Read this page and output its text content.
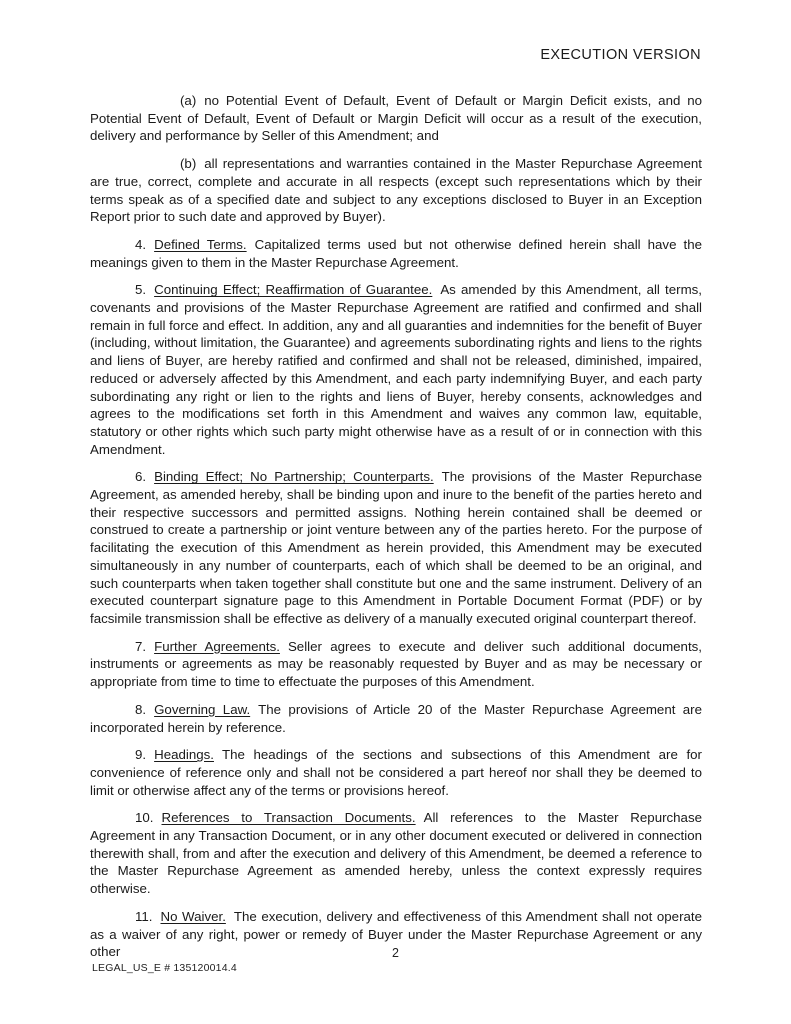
EXECUTION VERSION

(a) no Potential Event of Default, Event of Default or Margin Deficit exists, and no Potential Event of Default, Event of Default or Margin Deficit will occur as a result of the execution, delivery and performance by Seller of this Amendment; and

(b) all representations and warranties contained in the Master Repurchase Agreement are true, correct, complete and accurate in all respects (except such representations which by their terms speak as of a specified date and subject to any exceptions disclosed to Buyer in an Exception Report prior to such date and approved by Buyer).

4. Defined Terms. Capitalized terms used but not otherwise defined herein shall have the meanings given to them in the Master Repurchase Agreement.

5. Continuing Effect; Reaffirmation of Guarantee. As amended by this Amendment, all terms, covenants and provisions of the Master Repurchase Agreement are ratified and confirmed and shall remain in full force and effect. In addition, any and all guaranties and indemnities for the benefit of Buyer (including, without limitation, the Guarantee) and agreements subordinating rights and liens to the rights and liens of Buyer, are hereby ratified and confirmed and shall not be released, diminished, impaired, reduced or adversely affected by this Amendment, and each party indemnifying Buyer, and each party subordinating any right or lien to the rights and liens of Buyer, hereby consents, acknowledges and agrees to the modifications set forth in this Amendment and waives any common law, equitable, statutory or other rights which such party might otherwise have as a result of or in connection with this Amendment.

6. Binding Effect; No Partnership; Counterparts. The provisions of the Master Repurchase Agreement, as amended hereby, shall be binding upon and inure to the benefit of the parties hereto and their respective successors and permitted assigns. Nothing herein contained shall be deemed or construed to create a partnership or joint venture between any of the parties hereto. For the purpose of facilitating the execution of this Amendment as herein provided, this Amendment may be executed simultaneously in any number of counterparts, each of which shall be deemed to be an original, and such counterparts when taken together shall constitute but one and the same instrument. Delivery of an executed counterpart signature page to this Amendment in Portable Document Format (PDF) or by facsimile transmission shall be effective as delivery of a manually executed original counterpart thereof.

7. Further Agreements. Seller agrees to execute and deliver such additional documents, instruments or agreements as may be reasonably requested by Buyer and as may be necessary or appropriate from time to time to effectuate the purposes of this Amendment.

8. Governing Law. The provisions of Article 20 of the Master Repurchase Agreement are incorporated herein by reference.

9. Headings. The headings of the sections and subsections of this Amendment are for convenience of reference only and shall not be considered a part hereof nor shall they be deemed to limit or otherwise affect any of the terms or provisions hereof.

10. References to Transaction Documents. All references to the Master Repurchase Agreement in any Transaction Document, or in any other document executed or delivered in connection therewith shall, from and after the execution and delivery of this Amendment, be deemed a reference to the Master Repurchase Agreement as amended hereby, unless the context expressly requires otherwise.

11. No Waiver. The execution, delivery and effectiveness of this Amendment shall not operate as a waiver of any right, power or remedy of Buyer under the Master Repurchase Agreement or any other	2
LEGAL_US_E # 135120014.4
